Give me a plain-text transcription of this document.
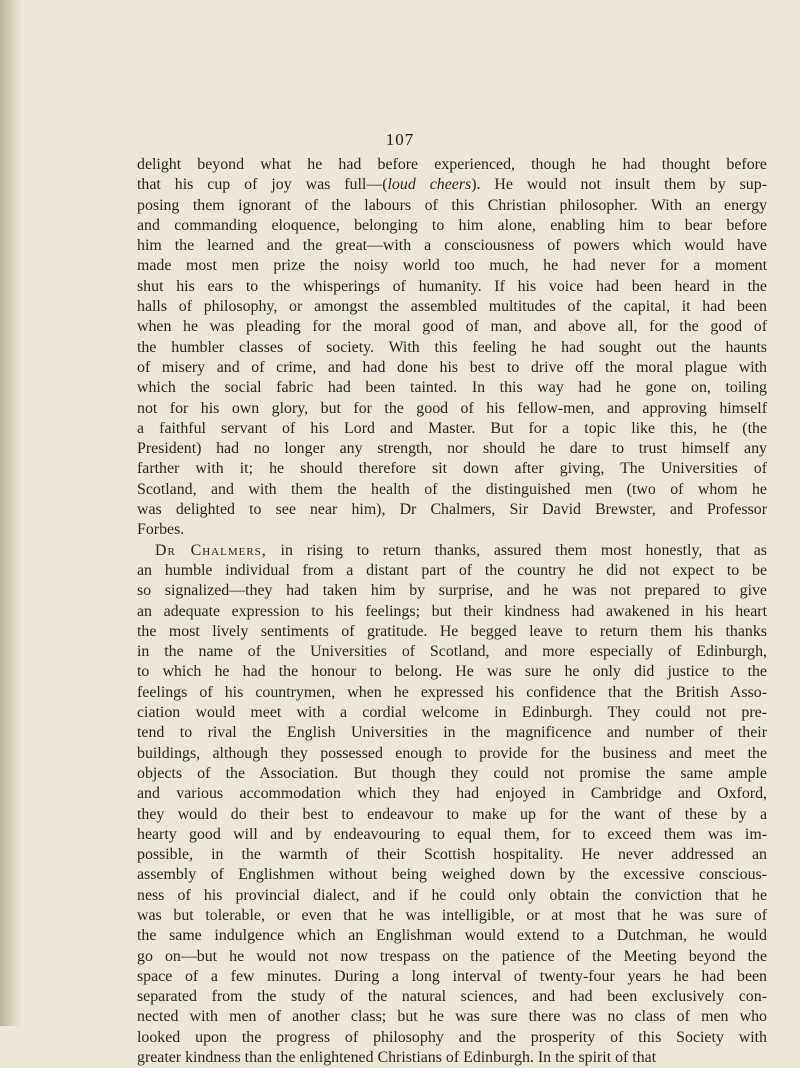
107
delight beyond what he had before experienced, though he had thought before
that his cup of joy was full—(loud cheers). He would not insult them by sup-
posing them ignorant of the labours of this Christian philosopher. With an energy
and commanding eloquence, belonging to him alone, enabling him to bear before
him the learned and the great—with a consciousness of powers which would have
made most men prize the noisy world too much, he had never for a moment
shut his ears to the whisperings of humanity. If his voice had been heard in the
halls of philosophy, or amongst the assembled multitudes of the capital, it had been
when he was pleading for the moral good of man, and above all, for the good of
the humbler classes of society. With this feeling he had sought out the haunts
of misery and of crime, and had done his best to drive off the moral plague with
which the social fabric had been tainted. In this way had he gone on, toiling
not for his own glory, but for the good of his fellow-men, and approving himself
a faithful servant of his Lord and Master. But for a topic like this, he (the
President) had no longer any strength, nor should he dare to trust himself any
farther with it; he should therefore sit down after giving, The Universities of
Scotland, and with them the health of the distinguished men (two of whom he
was delighted to see near him), Dr Chalmers, Sir David Brewster, and Professor
Forbes.
Dr Chalmers, in rising to return thanks, assured them most honestly, that as
an humble individual from a distant part of the country he did not expect to be
so signalized—they had taken him by surprise, and he was not prepared to give
an adequate expression to his feelings; but their kindness had awakened in his heart
the most lively sentiments of gratitude. He begged leave to return them his thanks
in the name of the Universities of Scotland, and more especially of Edinburgh,
to which he had the honour to belong. He was sure he only did justice to the
feelings of his countrymen, when he expressed his confidence that the British Asso-
ciation would meet with a cordial welcome in Edinburgh. They could not pre-
tend to rival the English Universities in the magnificence and number of their
buildings, although they possessed enough to provide for the business and meet the
objects of the Association. But though they could not promise the same ample
and various accommodation which they had enjoyed in Cambridge and Oxford,
they would do their best to endeavour to make up for the want of these by a
hearty good will and by endeavouring to equal them, for to exceed them was im-
possible, in the warmth of their Scottish hospitality. He never addressed an
assembly of Englishmen without being weighed down by the excessive conscious-
ness of his provincial dialect, and if he could only obtain the conviction that he
was but tolerable, or even that he was intelligible, or at most that he was sure of
the same indulgence which an Englishman would extend to a Dutchman, he would
go on—but he would not now trespass on the patience of the Meeting beyond the
space of a few minutes. During a long interval of twenty-four years he had been
separated from the study of the natural sciences, and had been exclusively con-
nected with men of another class; but he was sure there was no class of men who
looked upon the progress of philosophy and the prosperity of this Society with
greater kindness than the enlightened Christians of Edinburgh. In the spirit of that
